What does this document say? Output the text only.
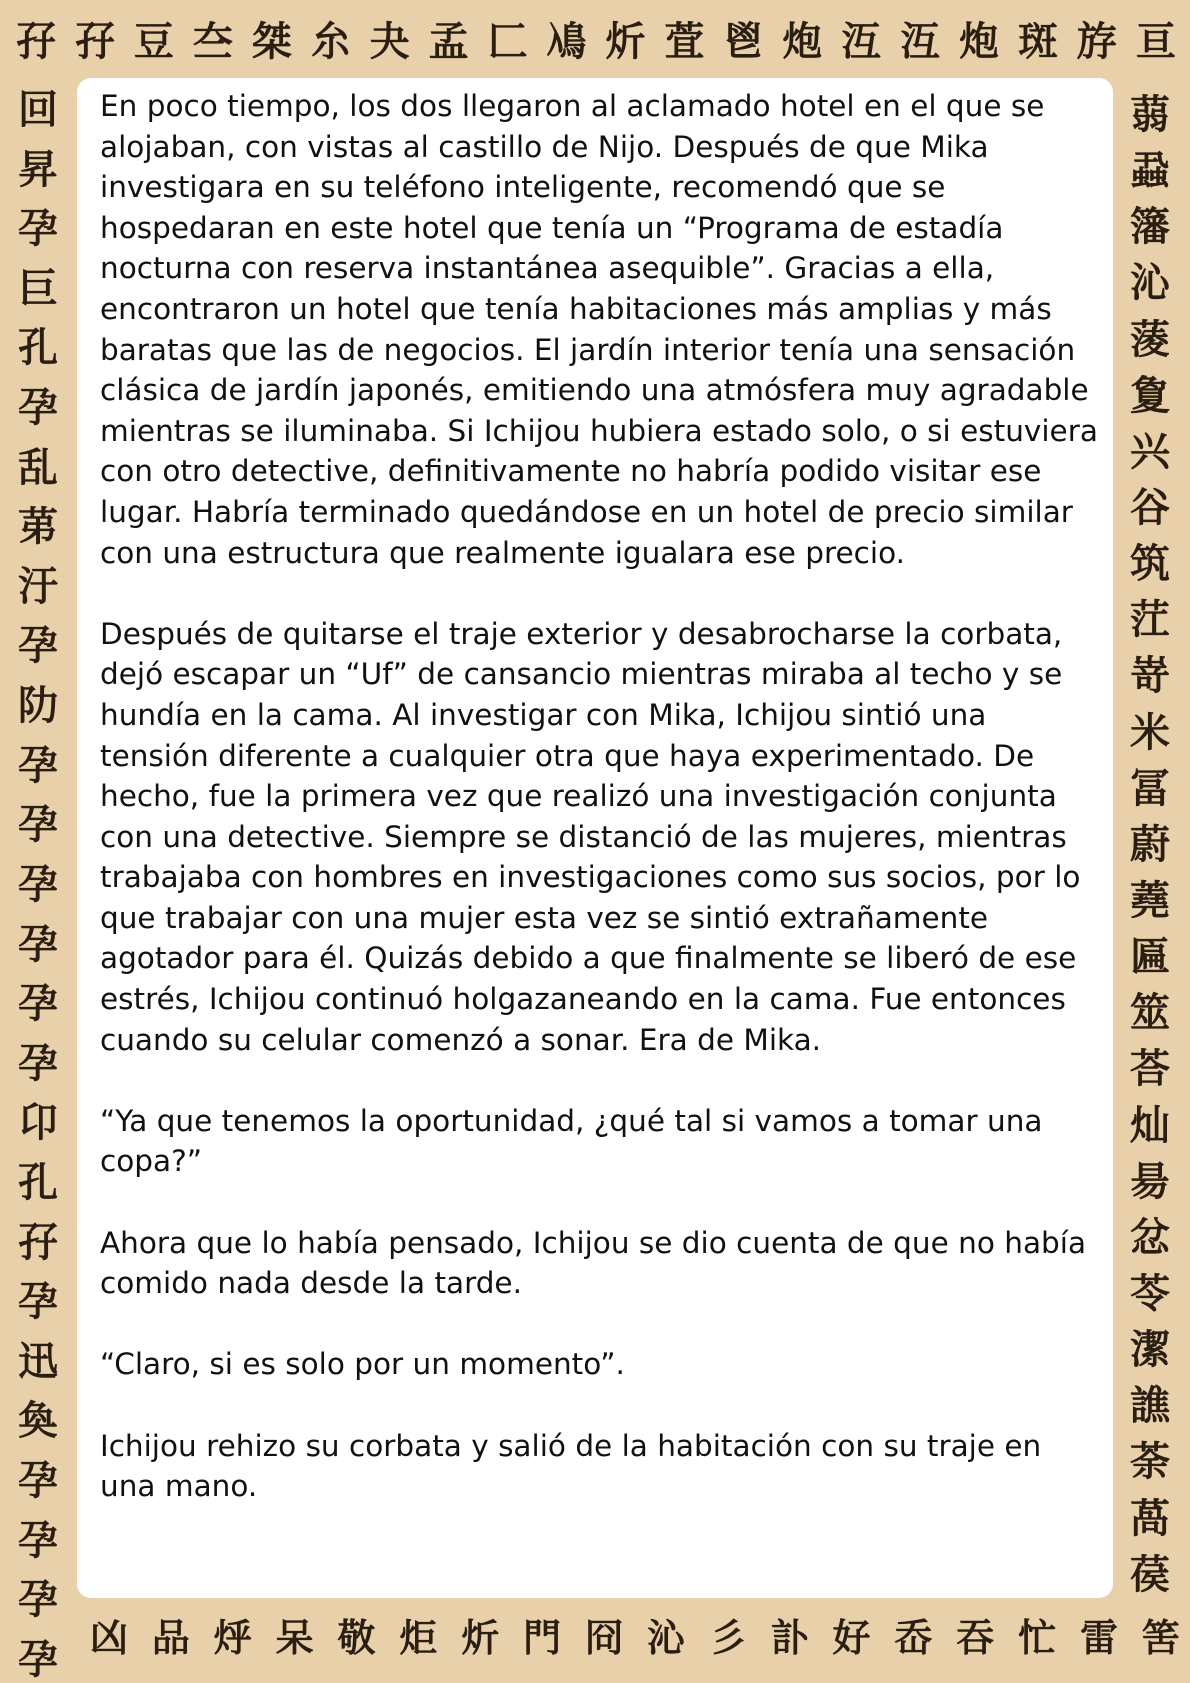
孖 孖 豆 夳 桀 厼 夬 孟 匚 鳰 炘 萓 鬯 炮 沍 沍 炮 斑 斿 亘
回
昇
孕
巨
孔
孕
乱
苐
汙
孕
阞
孕
孕
孕
孕
孕
孕
卬
孔
孖
孕
迅
奐
孕
孕
孕
孕
蒻
蝨
籓
沁
蔆
夐
兴
谷
筑
茳
嵜
米
冨
蔚
蕘
匾
筮
荅
灿
昜
忿
苓
潔
譙
荼
萵
葔
凶 品 烀 呆 敬 炬 炘 門 冏 沁 彡 訃 好 岙 吞 忙 雷 筈

En poco tiempo, los dos llegaron al aclamado hotel en el que se alojaban, con vistas al castillo de Nijo. Después de que Mika investigara en su teléfono inteligente, recomendó que se hospedaran en este hotel que tenía un “Programa de estadía nocturna con reserva instantánea asequible”. Gracias a ella, encontraron un hotel que tenía habitaciones más amplias y más baratas que las de negocios. El jardín interior tenía una sensación clásica de jardín japonés, emitiendo una atmósfera muy agradable mientras se iluminaba. Si Ichijou hubiera estado solo, o si estuviera con otro detective, definitivamente no habría podido visitar ese lugar. Habría terminado quedándose en un hotel de precio similar con una estructura que realmente igualara ese precio.

Después de quitarse el traje exterior y desabrocharse la corbata, dejó escapar un “Uf” de cansancio mientras miraba al techo y se hundía en la cama. Al investigar con Mika, Ichijou sintió una tensión diferente a cualquier otra que haya experimentado. De hecho, fue la primera vez que realizó una investigación conjunta con una detective. Siempre se distanció de las mujeres, mientras trabajaba con hombres en investigaciones como sus socios, por lo que trabajar con una mujer esta vez se sintió extrañamente agotador para él. Quizás debido a que finalmente se liberó de ese estrés, Ichijou continuó holgazaneando en la cama. Fue entonces cuando su celular comenzó a sonar. Era de Mika.

“Ya que tenemos la oportunidad, ¿qué tal si vamos a tomar una copa?”

Ahora que lo había pensado, Ichijou se dio cuenta de que no había comido nada desde la tarde.

“Claro, si es solo por un momento”.

Ichijou rehizo su corbata y salió de la habitación con su traje en una mano.
